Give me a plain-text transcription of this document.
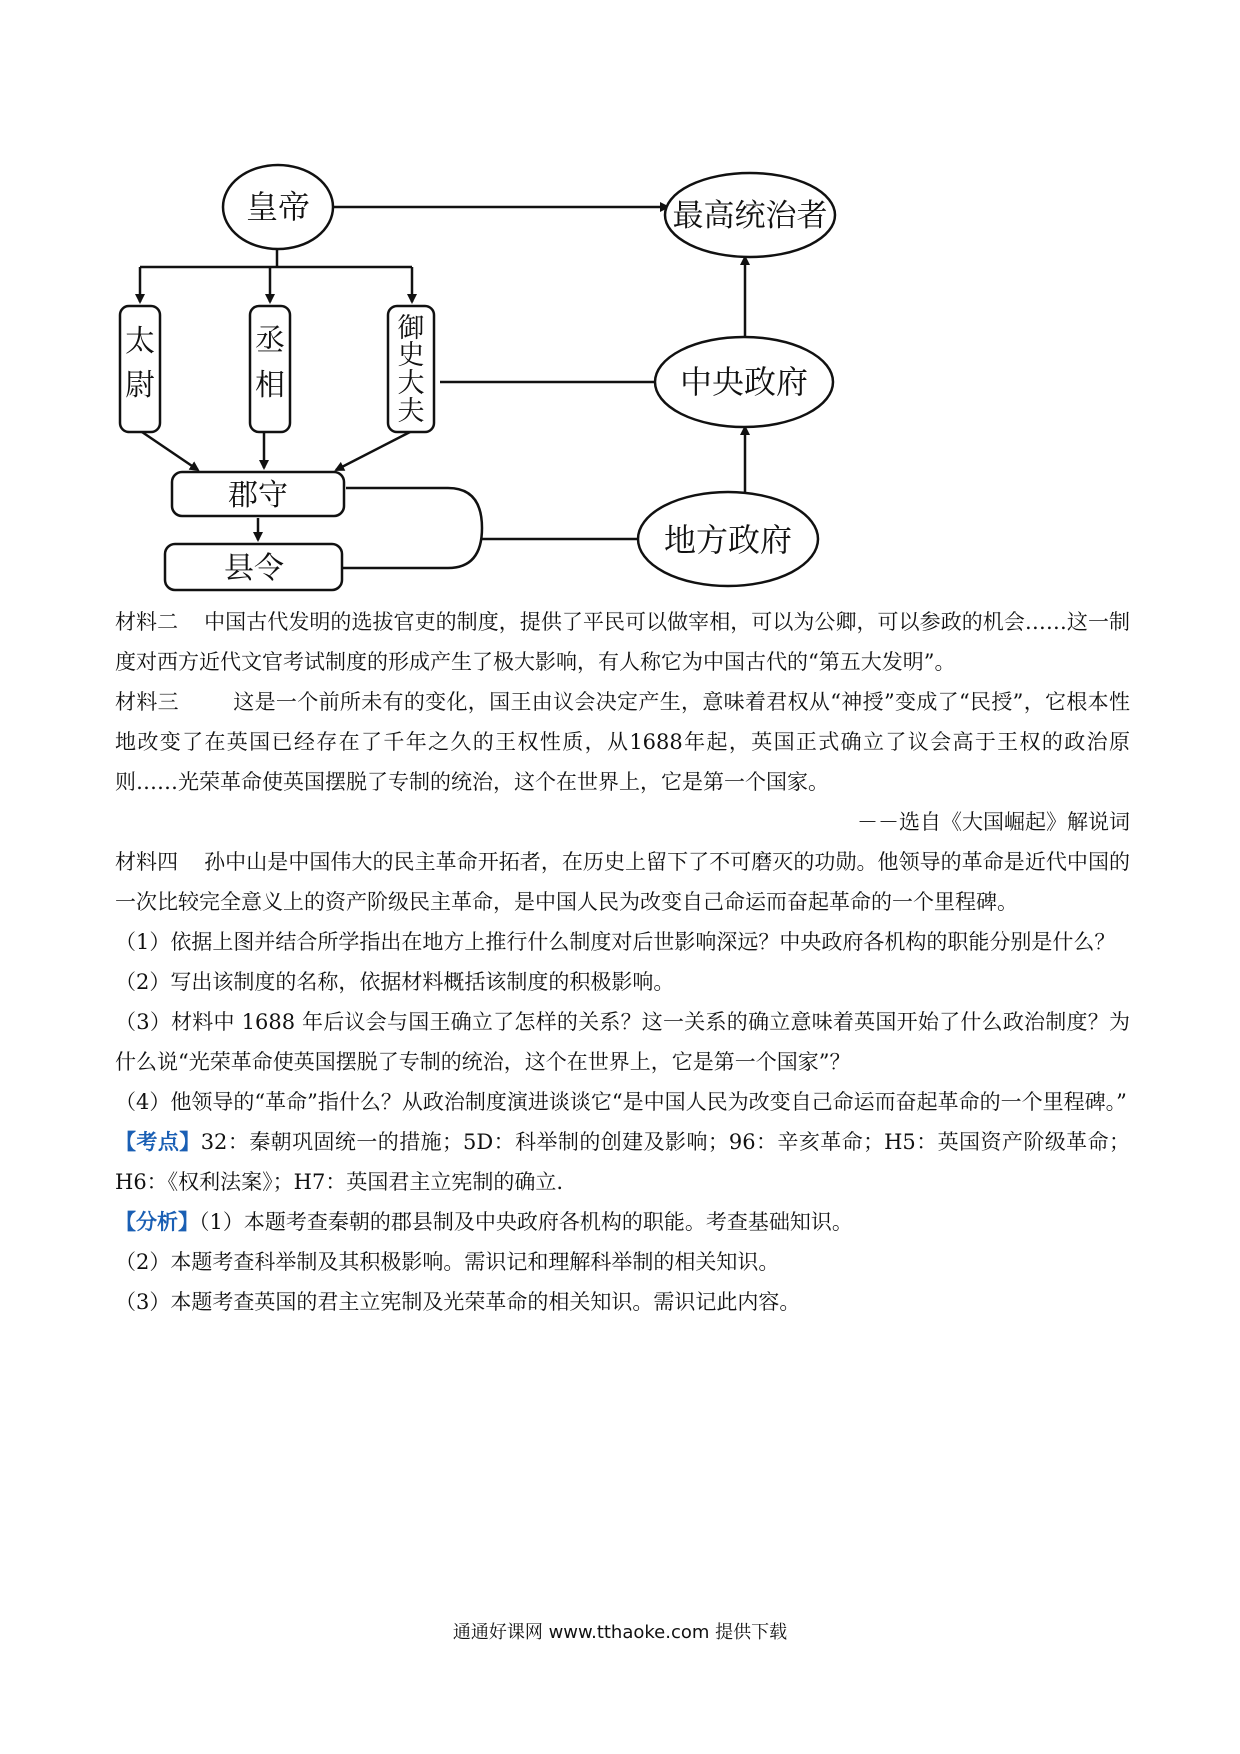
皇帝	最高统治者
中央政府
地方政府
郡守
县令
太
尉
丞
相
御
史
大
夫

材料二 中国古代发明的选拔官吏的制度，提供了平民可以做宰相，可以为公卿，可以参政的机会……这一制度对西方近代文官考试制度的形成产生了极大影响，有人称它为中国古代的“第五大发明”。

材料三	这是一个前所未有的变化，国王由议会决定产生，意味着君权从“神授”变成了“民授”，它根本性地改变了在英国已经存在了千年之久的王权性质，从1688年起，英国正式确立了议会高于王权的政治原则……光荣革命使英国摆脱了专制的统治，这个在世界上，它是第一个国家。

－－选自《大国崛起》解说词

材料四 孙中山是中国伟大的民主革命开拓者，在历史上留下了不可磨灭的功勋。他领导的革命是近代中国的一次比较完全意义上的资产阶级民主革命，是中国人民为改变自己命运而奋起革命的一个里程碑。

（1）依据上图并结合所学指出在地方上推行什么制度对后世影响深远？中央政府各机构的职能分别是什么？

（2）写出该制度的名称，依据材料概括该制度的积极影响。

（3）材料中 1688 年后议会与国王确立了怎样的关系？这一关系的确立意味着英国开始了什么政治制度？为什么说“光荣革命使英国摆脱了专制的统治，这个在世界上，它是第一个国家”？

（4）他领导的“革命”指什么？从政治制度演进谈谈它“是中国人民为改变自己命运而奋起革命的一个里程碑。”

【考点】32：秦朝巩固统一的措施；5D：科举制的创建及影响；96：辛亥革命；H5：英国资产阶级革命；H6：《权利法案》；H7：英国君主立宪制的确立.

【分析】（1）本题考查秦朝的郡县制及中央政府各机构的职能。考查基础知识。

（2）本题考查科举制及其积极影响。需识记和理解科举制的相关知识。

（3）本题考查英国的君主立宪制及光荣革命的相关知识。需识记此内容。

通通好课网 www.tthaoke.com 提供下载
